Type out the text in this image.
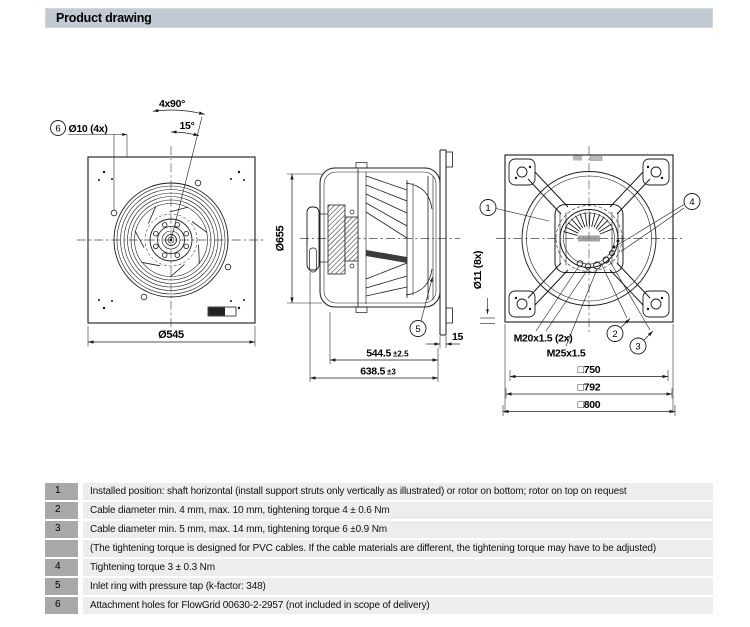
Product drawing
4x90°
15°
6 Ø10 (4x)
Ø545
Ø655
5
15
544.5 ±2.5
638.5 ±3
1
4
2
3
Ø11 (8x)
M20x1.5 (2x)
M25x1.5
□750
□792
□800
1	Installed position: shaft horizontal (install support struts only vertically as illustrated) or rotor on bottom; rotor on top on request
2	Cable diameter min. 4 mm, max. 10 mm, tightening torque 4 ± 0.6 Nm
3	Cable diameter min. 5 mm, max. 14 mm, tightening torque 6 ±0.9 Nm
(The tightening torque is designed for PVC cables. If the cable materials are different, the tightening torque may have to be adjusted)
4	Tightening torque 3 ± 0.3 Nm
5	Inlet ring with pressure tap (k-factor: 348)
6	Attachment holes for FlowGrid 00630-2-2957 (not included in scope of delivery)
